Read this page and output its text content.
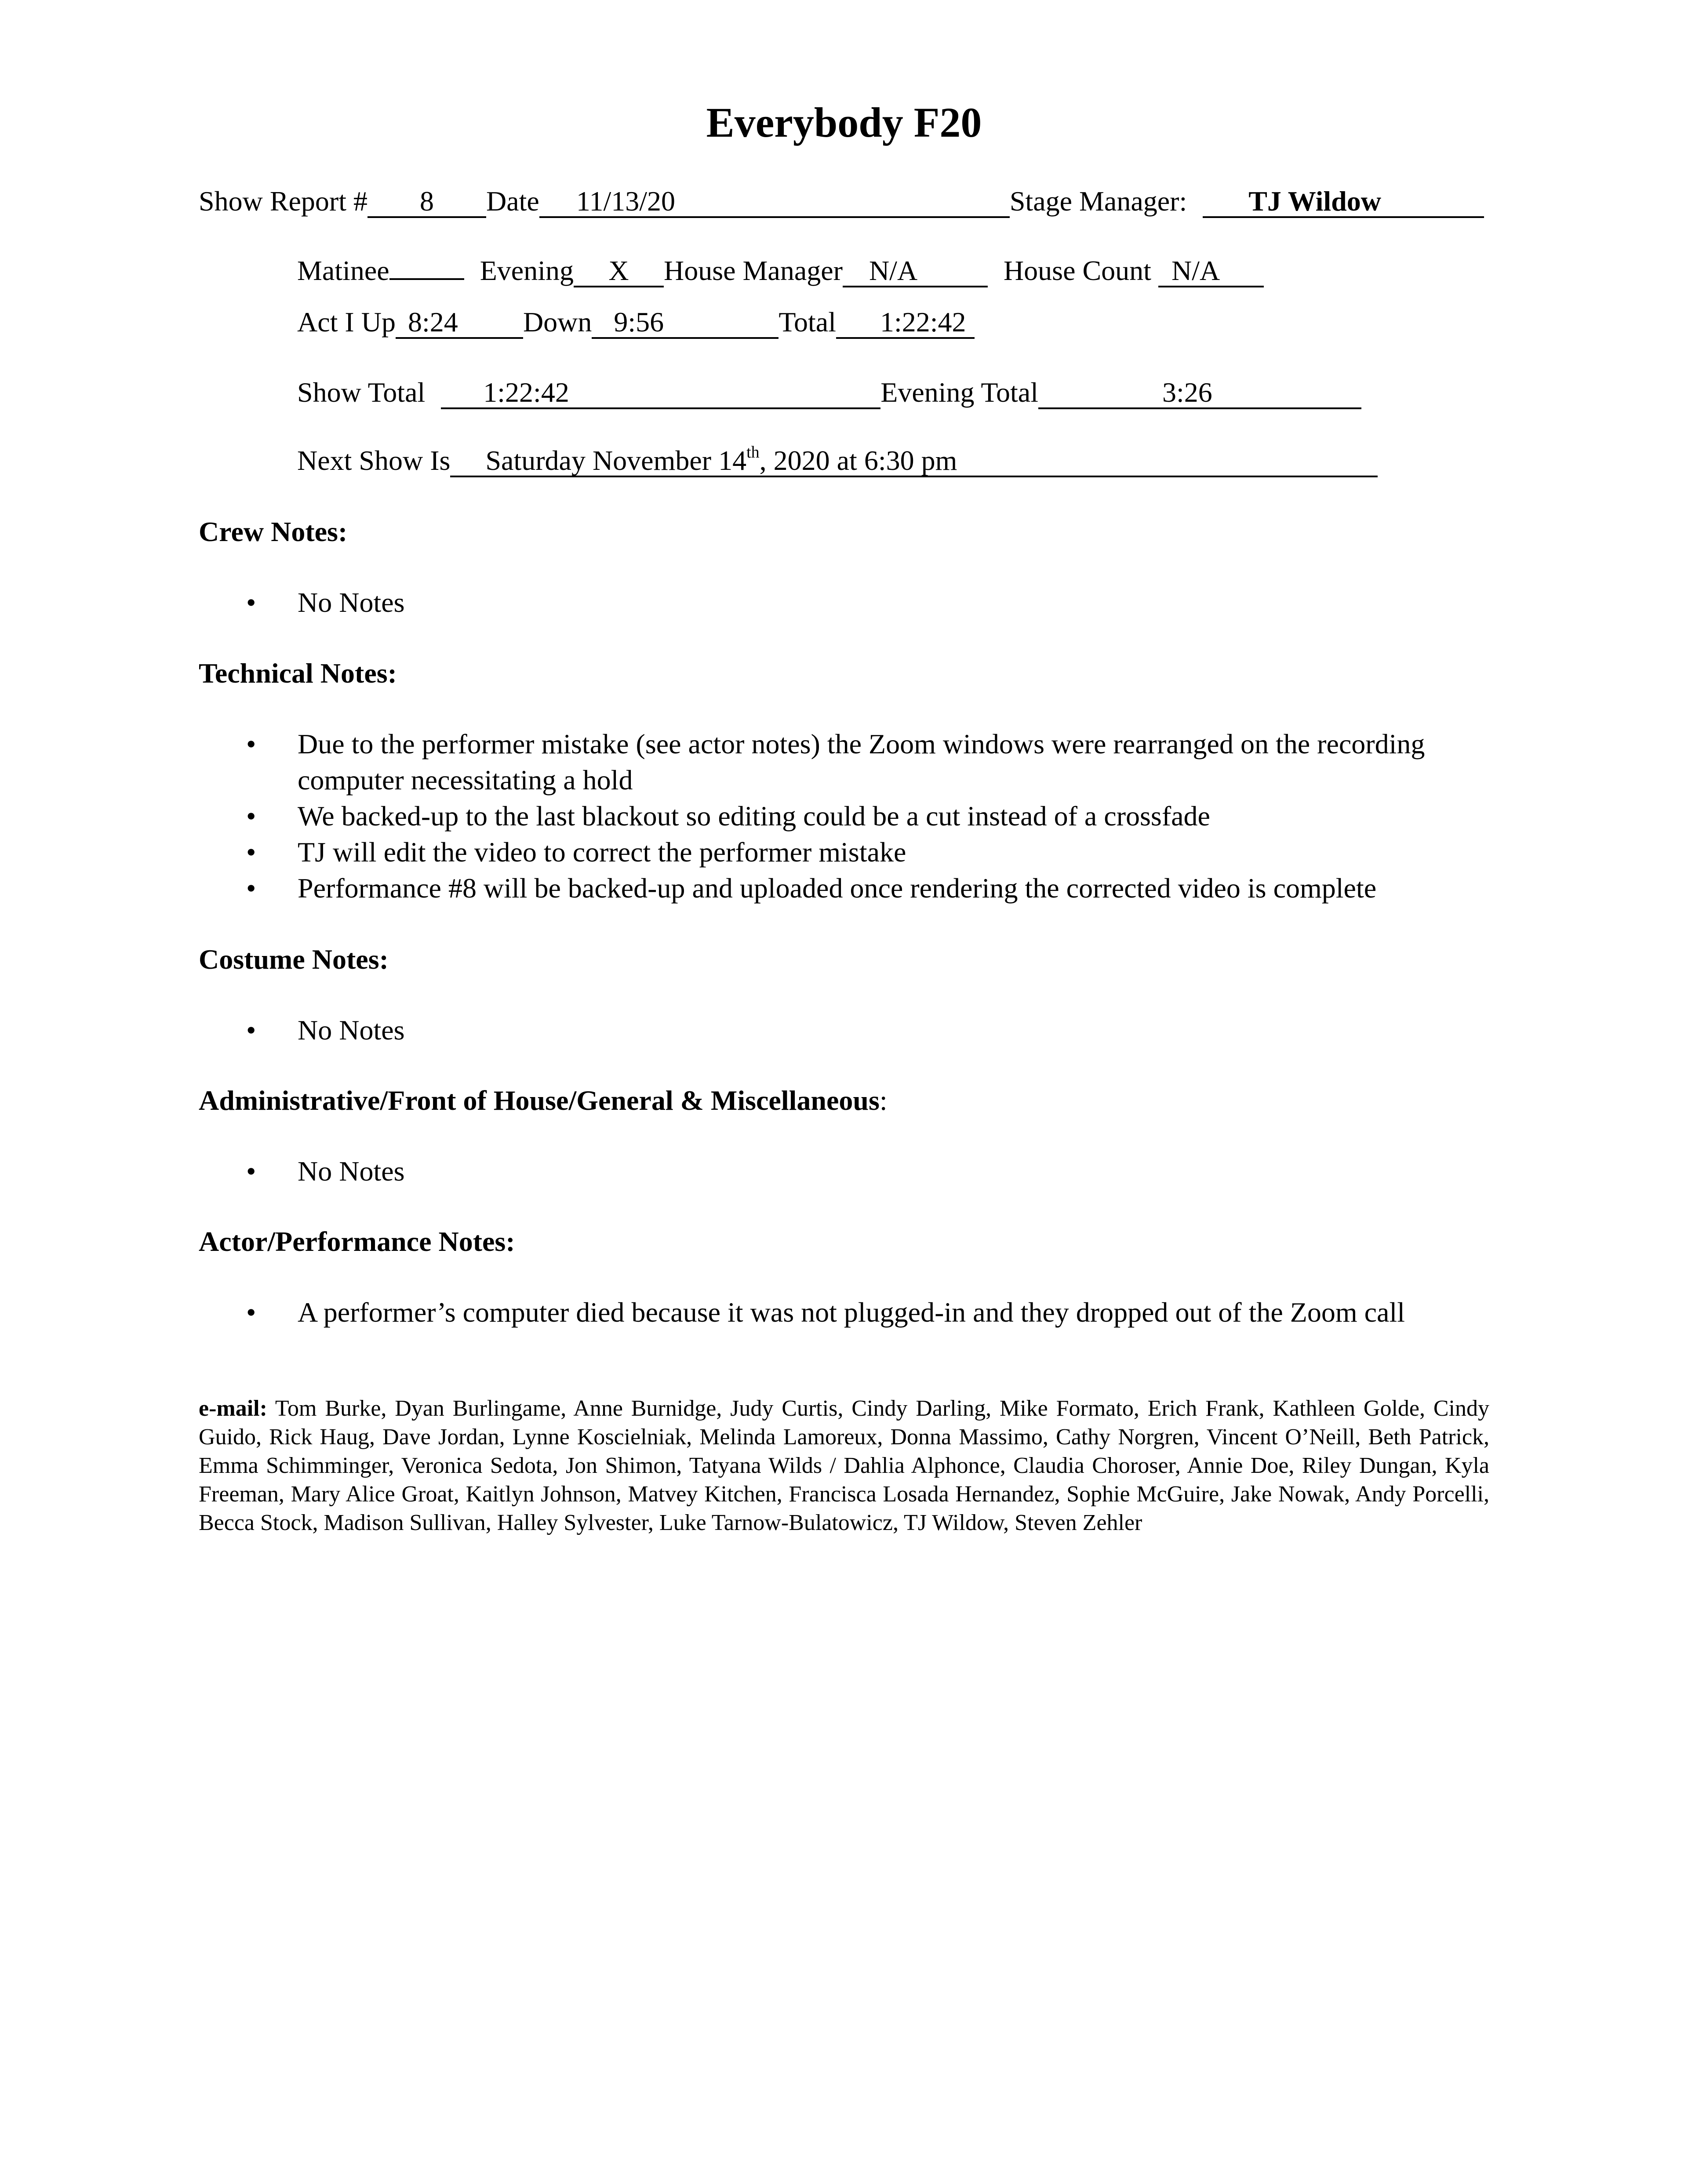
Everybody F20
Show Report # 8 Date 11/13/20	Stage Manager: TJ Wildow
Matinee	Evening X House Manager N/A	House Count N/A
Act I Up 8:24 Down 9:56	Total 1:22:42
Show Total 1:22:42	Evening Total	3:26
Next Show Is Saturday November 14th, 2020 at 6:30 pm
Crew Notes:
• No Notes
Technical Notes:
• Due to the performer mistake (see actor notes) the Zoom windows were rearranged on the recording computer necessitating a hold
• We backed-up to the last blackout so editing could be a cut instead of a crossfade
• TJ will edit the video to correct the performer mistake
• Performance #8 will be backed-up and uploaded once rendering the corrected video is complete
Costume Notes:
• No Notes
Administrative/Front of House/General & Miscellaneous:
• No Notes
Actor/Performance Notes:
• A performer’s computer died because it was not plugged-in and they dropped out of the Zoom call
e-mail: Tom Burke, Dyan Burlingame, Anne Burnidge, Judy Curtis, Cindy Darling, Mike Formato, Erich Frank, Kathleen Golde, Cindy Guido, Rick Haug, Dave Jordan, Lynne Koscielniak, Melinda Lamoreux, Donna Massimo, Cathy Norgren, Vincent O’Neill, Beth Patrick, Emma Schimminger, Veronica Sedota, Jon Shimon, Tatyana Wilds / Dahlia Alphonce, Claudia Choroser, Annie Doe, Riley Dungan, Kyla Freeman, Mary Alice Groat, Kaitlyn Johnson, Matvey Kitchen, Francisca Losada Hernandez, Sophie McGuire, Jake Nowak, Andy Porcelli, Becca Stock, Madison Sullivan, Halley Sylvester, Luke Tarnow-Bulatowicz, TJ Wildow, Steven Zehler
